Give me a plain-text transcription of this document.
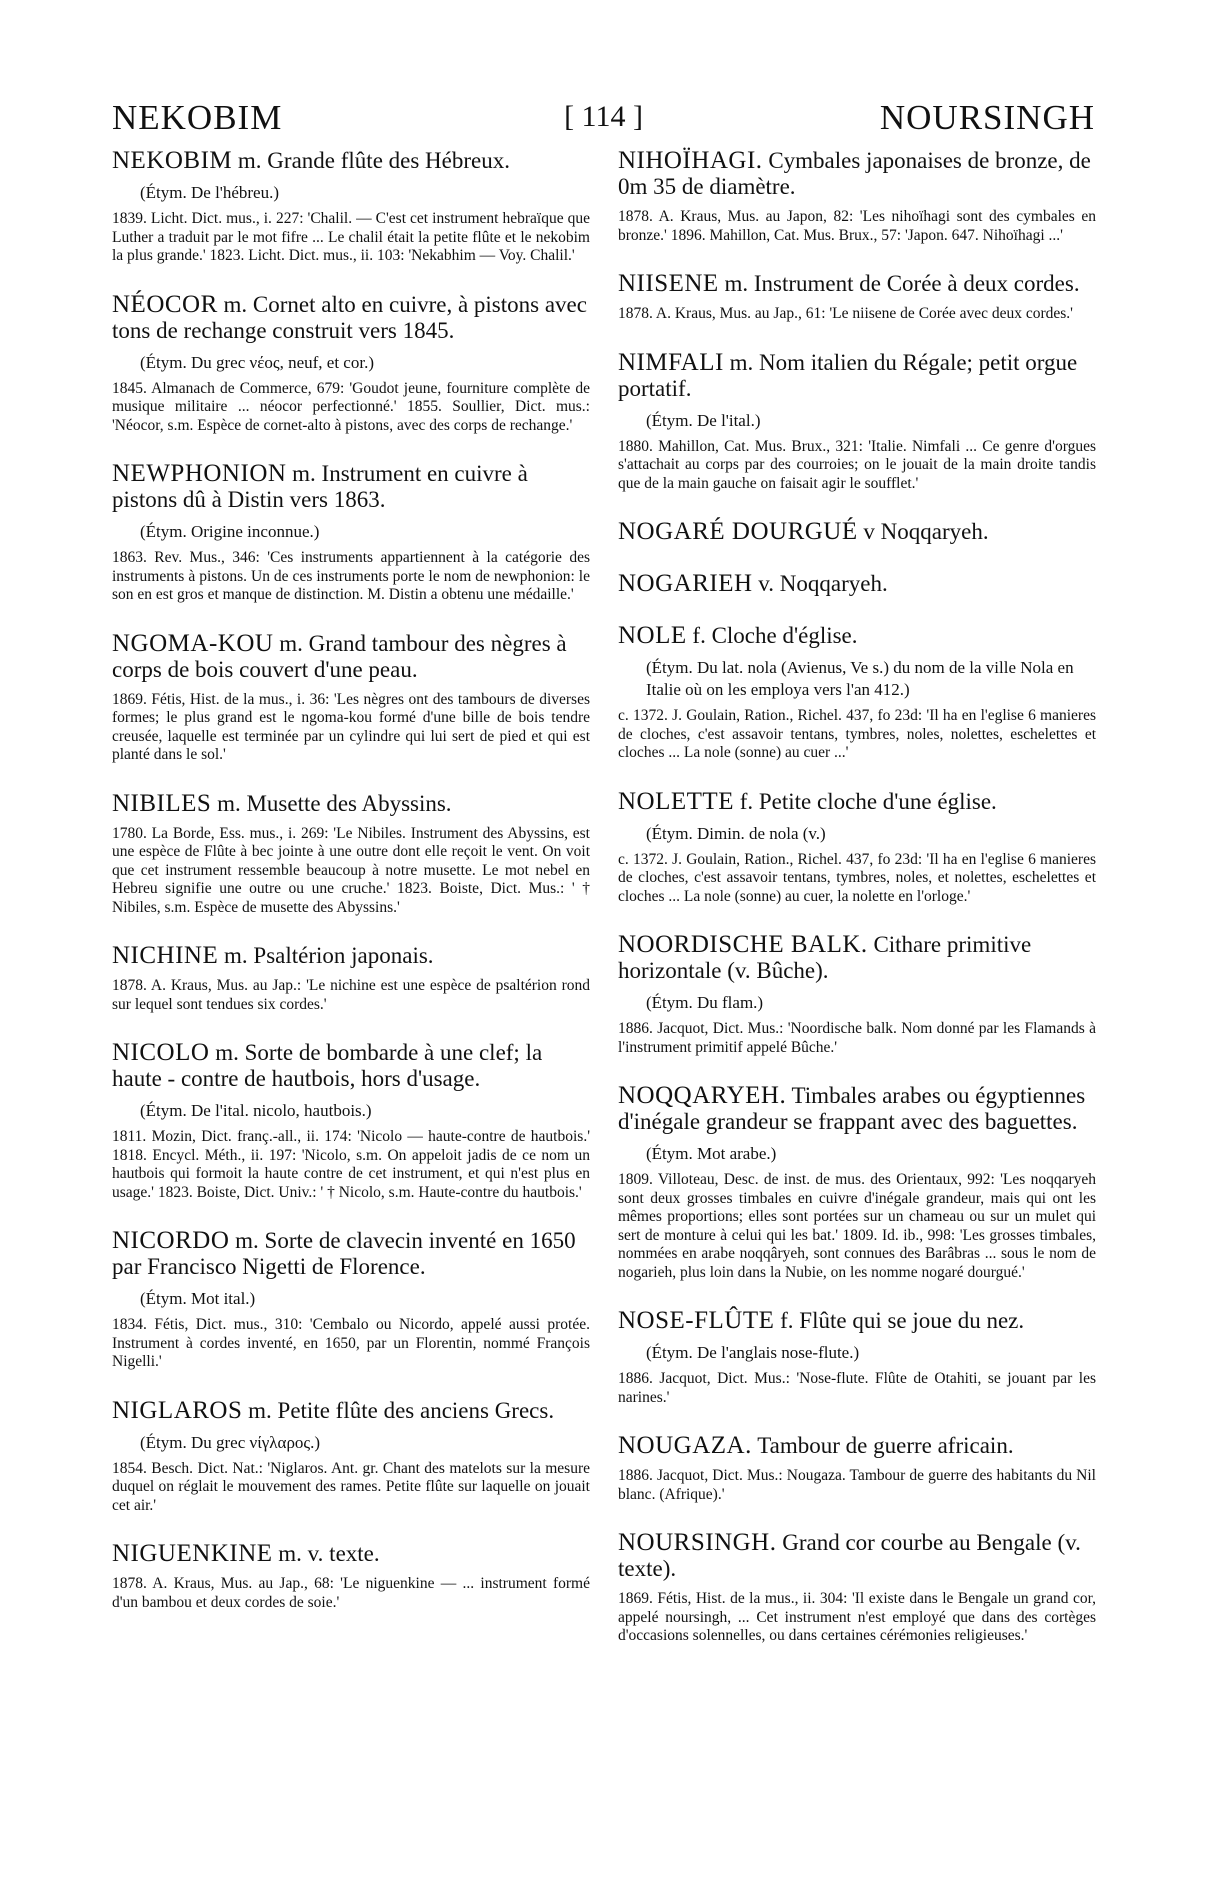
NEKOBIM	[ 114 ]	NOURSINGH

NEKOBIM m. Grande flûte des Hébreux.

(Étym. De l'hébreu.)

1839. Licht. Dict. mus., i. 227: 'Chalil. — C'est cet instrument hebraïque que Luther a traduit par le mot fifre ... Le chalil était la petite flûte et le nekobim la plus grande.' 1823. Licht. Dict. mus., ii. 103: 'Nekabhim — Voy. Chalil.'

NÉOCOR m. Cornet alto en cuivre, à pistons avec tons de rechange construit vers 1845.

(Étym. Du grec νέος, neuf, et cor.)

1845. Almanach de Commerce, 679: 'Goudot jeune, fourniture complète de musique militaire ... néocor perfectionné.' 1855. Soullier, Dict. mus.: 'Néocor, s.m. Espèce de cornet-alto à pistons, avec des corps de rechange.'

NEWPHONION m. Instrument en cuivre à pistons dû à Distin vers 1863.

(Étym. Origine inconnue.)

1863. Rev. Mus., 346: 'Ces instruments appartiennent à la catégorie des instruments à pistons. Un de ces instruments porte le nom de newphonion: le son en est gros et manque de distinction. M. Distin a obtenu une médaille.'

NGOMA-KOU m. Grand tambour des nègres à corps de bois couvert d'une peau.

1869. Fétis, Hist. de la mus., i. 36: 'Les nègres ont des tambours de diverses formes; le plus grand est le ngoma-kou formé d'une bille de bois tendre creusée, laquelle est terminée par un cylindre qui lui sert de pied et qui est planté dans le sol.'

NIBILES m. Musette des Abyssins.

1780. La Borde, Ess. mus., i. 269: 'Le Nibiles. Instrument des Abyssins, est une espèce de Flûte à bec jointe à une outre dont elle reçoit le vent. On voit que cet instrument ressemble beaucoup à notre musette. Le mot nebel en Hebreu signifie une outre ou une cruche.' 1823. Boiste, Dict. Mus.: ' † Nibiles, s.m. Espèce de musette des Abyssins.'

NICHINE m. Psaltérion japonais.

1878. A. Kraus, Mus. au Jap.: 'Le nichine est une espèce de psaltérion rond sur lequel sont tendues six cordes.'

NICOLO m. Sorte de bombarde à une clef; la haute - contre de hautbois, hors d'usage.

(Étym. De l'ital. nicolo, hautbois.)

1811. Mozin, Dict. franç.-all., ii. 174: 'Nicolo — haute-contre de hautbois.' 1818. Encycl. Méth., ii. 197: 'Nicolo, s.m. On appeloit jadis de ce nom un hautbois qui formoit la haute contre de cet instrument, et qui n'est plus en usage.' 1823. Boiste, Dict. Univ.: ' † Nicolo, s.m. Haute-contre du hautbois.'

NICORDO m. Sorte de clavecin inventé en 1650 par Francisco Nigetti de Florence.

(Étym. Mot ital.)

1834. Fétis, Dict. mus., 310: 'Cembalo ou Nicordo, appelé aussi protée. Instrument à cordes inventé, en 1650, par un Florentin, nommé François Nigelli.'

NIGLAROS m. Petite flûte des anciens Grecs.

(Étym. Du grec νίγλαρος.)

1854. Besch. Dict. Nat.: 'Niglaros. Ant. gr. Chant des matelots sur la mesure duquel on réglait le mouvement des rames. Petite flûte sur laquelle on jouait cet air.'

NIGUENKINE m. v. texte.

1878. A. Kraus, Mus. au Jap., 68: 'Le niguenkine — ... instrument formé d'un bambou et deux cordes de soie.'

NIHOÏHAGI. Cymbales japonaises de bronze, de 0m 35 de diamètre.

1878. A. Kraus, Mus. au Japon, 82: 'Les nihoïhagi sont des cymbales en bronze.' 1896. Mahillon, Cat. Mus. Brux., 57: 'Japon. 647. Nihoïhagi ...'

NIISENE m. Instrument de Corée à deux cordes.

1878. A. Kraus, Mus. au Jap., 61: 'Le niisene de Corée avec deux cordes.'

NIMFALI m. Nom italien du Régale; petit orgue portatif.

(Étym. De l'ital.)

1880. Mahillon, Cat. Mus. Brux., 321: 'Italie. Nimfali ... Ce genre d'orgues s'attachait au corps par des courroies; on le jouait de la main droite tandis que de la main gauche on faisait agir le soufflet.'

NOGARÉ DOURGUÉ v Noqqaryeh.

NOGARIEH v. Noqqaryeh.

NOLE f. Cloche d'église.

(Étym. Du lat. nola (Avienus, Ve s.) du nom de la ville Nola en Italie où on les employa vers l'an 412.)

c. 1372. J. Goulain, Ration., Richel. 437, fo 23d: 'Il ha en l'eglise 6 manieres de cloches, c'est assavoir tentans, tymbres, noles, nolettes, eschelettes et cloches ... La nole (sonne) au cuer ...'

NOLETTE f. Petite cloche d'une église.

(Étym. Dimin. de nola (v.)

c. 1372. J. Goulain, Ration., Richel. 437, fo 23d: 'Il ha en l'eglise 6 manieres de cloches, c'est assavoir tentans, tymbres, noles, et nolettes, eschelettes et cloches ... La nole (sonne) au cuer, la nolette en l'orloge.'

NOORDISCHE BALK. Cithare primitive horizontale (v. Bûche).

(Étym. Du flam.)

1886. Jacquot, Dict. Mus.: 'Noordische balk. Nom donné par les Flamands à l'instrument primitif appelé Bûche.'

NOQQARYEH. Timbales arabes ou égyptiennes d'inégale grandeur se frappant avec des baguettes.

(Étym. Mot arabe.)

1809. Villoteau, Desc. de inst. de mus. des Orientaux, 992: 'Les noqqaryeh sont deux grosses timbales en cuivre d'inégale grandeur, mais qui ont les mêmes proportions; elles sont portées sur un chameau ou sur un mulet qui sert de monture à celui qui les bat.' 1809. Id. ib., 998: 'Les grosses timbales, nommées en arabe noqqâryeh, sont connues des Barâbras ... sous le nom de nogarieh, plus loin dans la Nubie, on les nomme nogaré dourgué.'

NOSE-FLÛTE f. Flûte qui se joue du nez.

(Étym. De l'anglais nose-flute.)

1886. Jacquot, Dict. Mus.: 'Nose-flute. Flûte de Otahiti, se jouant par les narines.'

NOUGAZA. Tambour de guerre africain.

1886. Jacquot, Dict. Mus.: Nougaza. Tambour de guerre des habitants du Nil blanc. (Afrique).'

NOURSINGH. Grand cor courbe au Bengale (v. texte).

1869. Fétis, Hist. de la mus., ii. 304: 'Il existe dans le Bengale un grand cor, appelé noursingh, ... Cet instrument n'est employé que dans des cortèges d'occasions solennelles, ou dans certaines cérémonies religieuses.'
